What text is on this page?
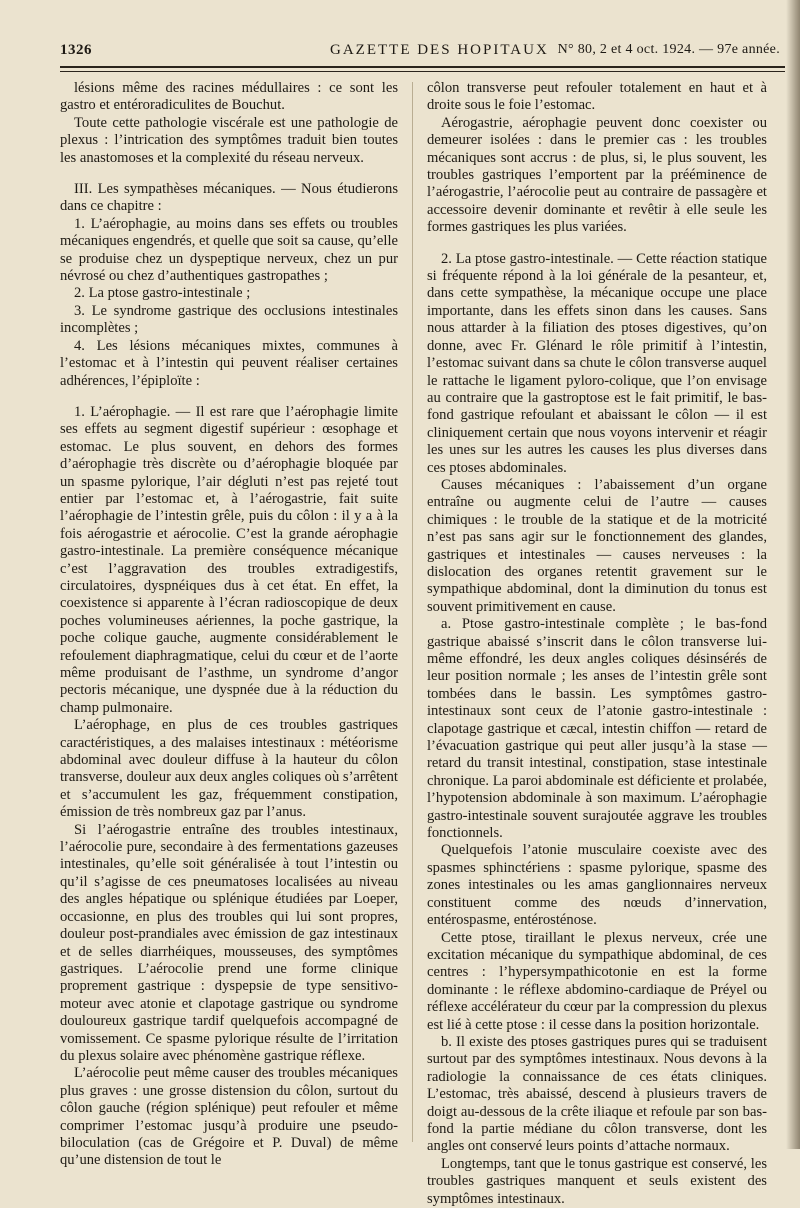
1326	GAZETTE DES HOPITAUX N° 80, 2 et 4 oct. 1924. — 97e année.

lésions même des racines médullaires : ce sont les gastro et entéroradiculites de Bouchut.

Toute cette pathologie viscérale est une pathologie de plexus : l’intrication des symptômes traduit bien toutes les anastomoses et la complexité du réseau nerveux.

III. Les sympathèses mécaniques. — Nous étudierons dans ce chapitre :

1. L’aérophagie, au moins dans ses effets ou troubles mécaniques engendrés, et quelle que soit sa cause, qu’elle se produise chez un dyspeptique nerveux, chez un pur névrosé ou chez d’authentiques gastropathes ;

2. La ptose gastro-intestinale ;

3. Le syndrome gastrique des occlusions intestinales incomplètes ;

4. Les lésions mécaniques mixtes, communes à l’estomac et à l’intestin qui peuvent réaliser certaines adhérences, l’épiploïte :

1. L’aérophagie. — Il est rare que l’aérophagie limite ses effets au segment digestif supérieur : œsophage et estomac. Le plus souvent, en dehors des formes d’aérophagie très discrète ou d’aérophagie bloquée par un spasme pylorique, l’air dégluti n’est pas rejeté tout entier par l’estomac et, à l’aérogastrie, fait suite l’aérophagie de l’intestin grêle, puis du côlon : il y a à la fois aérogastrie et aérocolie. C’est la grande aérophagie gastro-intestinale. La première conséquence mécanique c’est l’aggravation des troubles extradigestifs, circulatoires, dyspnéiques dus à cet état. En effet, la coexistence si apparente à l’écran radioscopique de deux poches volumineuses aériennes, la poche gastrique, la poche colique gauche, augmente considérablement le refoulement diaphragmatique, celui du cœur et de l’aorte même produisant de l’asthme, un syndrome d’angor pectoris mécanique, une dyspnée due à la réduction du champ pulmonaire.

L’aérophage, en plus de ces troubles gastriques caractéristiques, a des malaises intestinaux : météorisme abdominal avec douleur diffuse à la hauteur du côlon transverse, douleur aux deux angles coliques où s’arrêtent et s’accumulent les gaz, fréquemment constipation, émission de très nombreux gaz par l’anus.

Si l’aérogastrie entraîne des troubles intestinaux, l’aérocolie pure, secondaire à des fermentations gazeuses intestinales, qu’elle soit généralisée à tout l’intestin ou qu’il s’agisse de ces pneumatoses localisées au niveau des angles hépatique ou splénique étudiées par Loeper, occasionne, en plus des troubles qui lui sont propres, douleur post-prandiales avec émission de gaz intestinaux et de selles diarrhéiques, mousseuses, des symptômes gastriques. L’aérocolie prend une forme clinique proprement gastrique : dyspepsie de type sensitivo-moteur avec atonie et clapotage gastrique ou syndrome douloureux gastrique tardif quelquefois accompagné de vomissement. Ce spasme pylorique résulte de l’irritation du plexus solaire avec phénomène gastrique réflexe.

L’aérocolie peut même causer des troubles mécaniques plus graves : une grosse distension du côlon, surtout du côlon gauche (région splénique) peut refouler et même comprimer l’estomac jusqu’à produire une pseudo-biloculation (cas de Grégoire et P. Duval) de même qu’une distension de tout le

côlon transverse peut refouler totalement en haut et à droite sous le foie l’estomac.

Aérogastrie, aérophagie peuvent donc coexister ou demeurer isolées : dans le premier cas : les troubles mécaniques sont accrus : de plus, si, le plus souvent, les troubles gastriques l’emportent par la prééminence de l’aérogastrie, l’aérocolie peut au contraire de passagère et accessoire devenir dominante et revêtir à elle seule les formes gastriques les plus variées.

2. La ptose gastro-intestinale. — Cette réaction statique si fréquente répond à la loi générale de la pesanteur, et, dans cette sympathèse, la mécanique occupe une place importante, dans les effets sinon dans les causes. Sans nous attarder à la filiation des ptoses digestives, qu’on donne, avec Fr. Glénard le rôle primitif à l’intestin, l’estomac suivant dans sa chute le côlon transverse auquel le rattache le ligament pyloro-colique, que l’on envisage au contraire que la gastroptose est le fait primitif, le bas-fond gastrique refoulant et abaissant le côlon — il est cliniquement certain que nous voyons intervenir et réagir les unes sur les autres les causes les plus diverses dans ces ptoses abdominales.

Causes mécaniques : l’abaissement d’un organe entraîne ou augmente celui de l’autre — causes chimiques : le trouble de la statique et de la motricité n’est pas sans agir sur le fonctionnement des glandes, gastriques et intestinales — causes nerveuses : la dislocation des organes retentit gravement sur le sympathique abdominal, dont la diminution du tonus est souvent primitivement en cause.

a. Ptose gastro-intestinale complète ; le bas-fond gastrique abaissé s’inscrit dans le côlon transverse lui-même effondré, les deux angles coliques désinsérés de leur position normale ; les anses de l’intestin grêle sont tombées dans le bassin. Les symptômes gastro-intestinaux sont ceux de l’atonie gastro-intestinale : clapotage gastrique et cæcal, intestin chiffon — retard de l’évacuation gastrique qui peut aller jusqu’à la stase — retard du transit intestinal, constipation, stase intestinale chronique. La paroi abdominale est déficiente et prolabée, l’hypotension abdominale à son maximum. L’aérophagie gastro-intestinale souvent surajoutée aggrave les troubles fonctionnels.

Quelquefois l’atonie musculaire coexiste avec des spasmes sphinctériens : spasme pylorique, spasme des zones intestinales ou les amas ganglionnaires nerveux constituent comme des nœuds d’innervation, entérospasme, entérosténose.

Cette ptose, tiraillant le plexus nerveux, crée une excitation mécanique du sympathique abdominal, de ces centres : l’hypersympathicotonie en est la forme dominante : le réflexe abdomino-cardiaque de Préyel ou réflexe accélérateur du cœur par la compression du plexus est lié à cette ptose : il cesse dans la position horizontale.

b. Il existe des ptoses gastriques pures qui se traduisent surtout par des symptômes intestinaux. Nous devons à la radiologie la connaissance de ces états cliniques. L’estomac, très abaissé, descend à plusieurs travers de doigt au-dessous de la crête iliaque et refoule par son bas-fond la partie médiane du côlon transverse, dont les angles ont conservé leurs points d’attache normaux.

Longtemps, tant que le tonus gastrique est conservé, les troubles gastriques manquent et seuls existent des symptômes intestinaux.
